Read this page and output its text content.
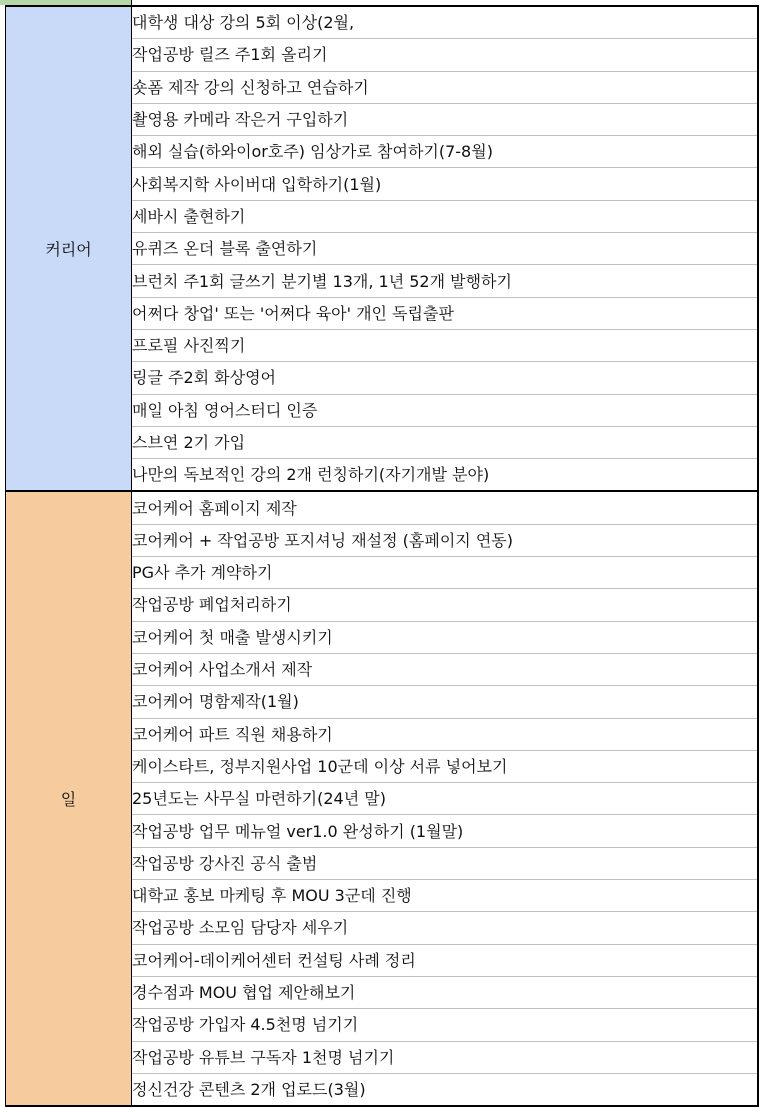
커리어	대학생 대상 강의 5회 이상(2월,
	작업공방 릴즈 주1회 올리기
	숏폼 제작 강의 신청하고 연습하기
	촬영용 카메라 작은거 구입하기
	해외 실습(하와이or호주) 임상가로 참여하기(7-8월)
	사회복지학 사이버대 입학하기(1월)
	세바시 출현하기
	유퀴즈 온더 블록 출연하기
	브런치 주1회 글쓰기 분기별 13개, 1년 52개 발행하기
	어쩌다 창업' 또는 '어쩌다 육아' 개인 독립출판
	프로필 사진찍기
	링글 주2회 화상영어
	매일 아침 영어스터디 인증
	스브연 2기 가입
	나만의 독보적인 강의 2개 런칭하기(자기개발 분야)
일	코어케어 홈페이지 제작
	코어케어 + 작업공방 포지셔닝 재설정 (홈페이지 연동)
	PG사 추가 계약하기
	작업공방 폐업처리하기
	코어케어 첫 매출 발생시키기
	코어케어 사업소개서 제작
	코어케어 명함제작(1월)
	코어케어 파트 직원 채용하기
	케이스타트, 정부지원사업 10군데 이상 서류 넣어보기
	25년도는 사무실 마련하기(24년 말)
	작업공방 업무 메뉴얼 ver1.0 완성하기 (1월말)
	작업공방 강사진 공식 출범
	대학교 홍보 마케팅 후 MOU 3군데 진행
	작업공방 소모임 담당자 세우기
	코어케어-데이케어센터 컨설팅 사례 정리
	경수점과 MOU 협업 제안해보기
	작업공방 가입자 4.5천명 넘기기
	작업공방 유튜브 구독자 1천명 넘기기
	정신건강 콘텐츠 2개 업로드(3월)
